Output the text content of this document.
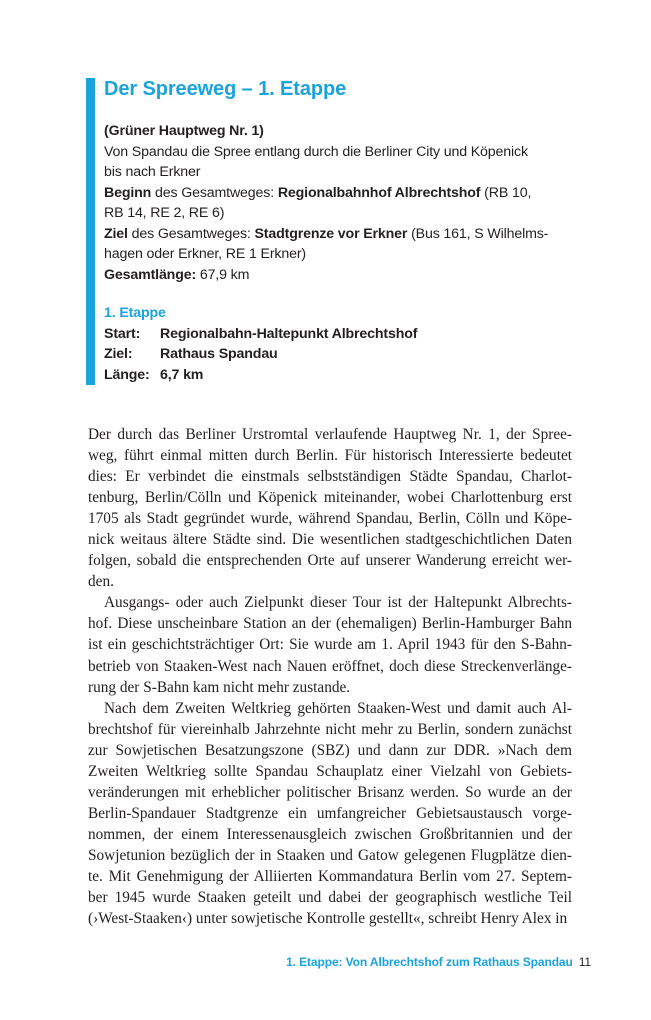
Der Spreeweg – 1. Etappe
(Grüner Hauptweg Nr. 1)
Von Spandau die Spree entlang durch die Berliner City und Köpenick
bis nach Erkner
Beginn des Gesamtweges: Regionalbahnhof Albrechtshof (RB 10,
RB 14, RE 2, RE 6)
Ziel des Gesamtweges: Stadtgrenze vor Erkner (Bus 161, S Wilhelms-
hagen oder Erkner, RE 1 Erkner)
Gesamtlänge: 67,9 km
1. Etappe
Start:	Regionalbahn-Haltepunkt Albrechtshof
Ziel:	Rathaus Spandau
Länge: 6,7 km

Der durch das Berliner Urstromtal verlaufende Hauptweg Nr. 1, der Spree-
weg, führt einmal mitten durch Berlin. Für historisch Interessierte bedeutet
dies: Er verbindet die einstmals selbstständigen Städte Spandau, Charlot-
tenburg, Berlin/Cölln und Köpenick miteinander, wobei Charlottenburg erst
1705 als Stadt gegründet wurde, während Spandau, Berlin, Cölln und Köpe-
nick weitaus ältere Städte sind. Die wesentlichen stadtgeschichtlichen Daten
folgen, sobald die entsprechenden Orte auf unserer Wanderung erreicht wer-
den.

Ausgangs- oder auch Zielpunkt dieser Tour ist der Haltepunkt Albrechts-
hof. Diese unscheinbare Station an der (ehemaligen) Berlin-Hamburger Bahn
ist ein geschichtsträchtiger Ort: Sie wurde am 1. April 1943 für den S-Bahn-
betrieb von Staaken-West nach Nauen eröffnet, doch diese Streckenverlänge-
rung der S-Bahn kam nicht mehr zustande.

Nach dem Zweiten Weltkrieg gehörten Staaken-West und damit auch Al-
brechtshof für viereinhalb Jahrzehnte nicht mehr zu Berlin, sondern zunächst
zur Sowjetischen Besatzungszone (SBZ) und dann zur DDR. »Nach dem
Zweiten Weltkrieg sollte Spandau Schauplatz einer Vielzahl von Gebiets-
veränderungen mit erheblicher politischer Brisanz werden. So wurde an der
Berlin-Spandauer Stadtgrenze ein umfangreicher Gebietsaustausch vorge-
nommen, der einem Interessenausgleich zwischen Großbritannien und der
Sowjetunion bezüglich der in Staaken und Gatow gelegenen Flugplätze dien-
te. Mit Genehmigung der Alliierten Kommandatura Berlin vom 27. Septem-
ber 1945 wurde Staaken geteilt und dabei der geographisch westliche Teil
(›West-Staaken‹) unter sowjetische Kontrolle gestellt«, schreibt Henry Alex in

1. Etappe: Von Albrechtshof zum Rathaus Spandau 11
